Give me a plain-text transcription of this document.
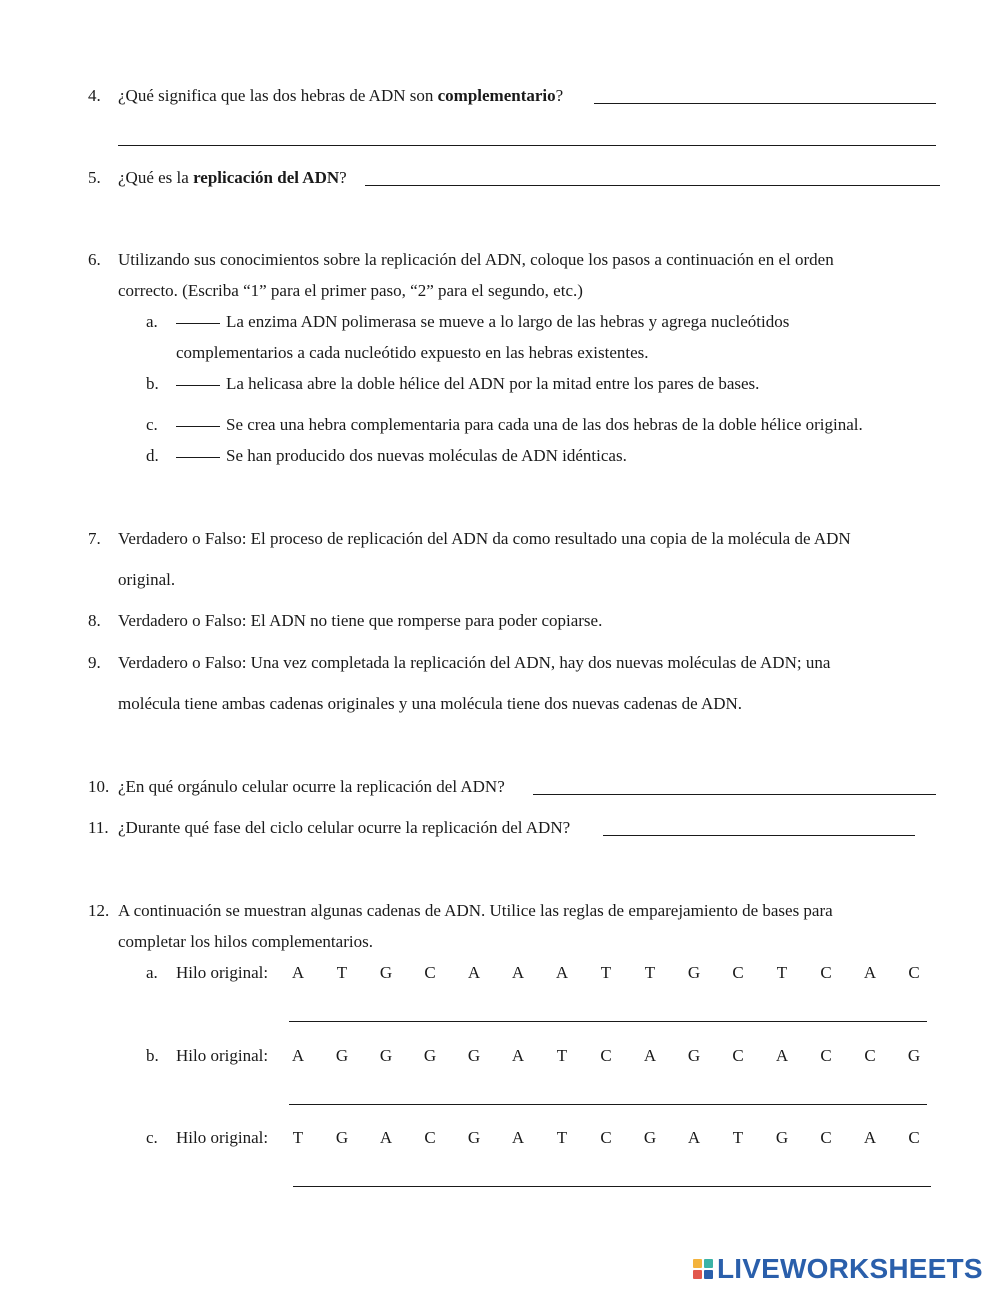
4. ¿Qué significa que las dos hebras de ADN son complementario?
5. ¿Qué es la replicación del ADN?
6. Utilizando sus conocimientos sobre la replicación del ADN, coloque los pasos a continuación en el orden
correcto. (Escriba “1” para el primer paso, “2” para el segundo, etc.)
a.	La enzima ADN polimerasa se mueve a lo largo de las hebras y agrega nucleótidos
complementarios a cada nucleótido expuesto en las hebras existentes.
b.	La helicasa abre la doble hélice del ADN por la mitad entre los pares de bases.
c.	Se crea una hebra complementaria para cada una de las dos hebras de la doble hélice original.
d.	Se han producido dos nuevas moléculas de ADN idénticas.
7. Verdadero o Falso: El proceso de replicación del ADN da como resultado una copia de la molécula de ADN
original.
8. Verdadero o Falso: El ADN no tiene que romperse para poder copiarse.
9. Verdadero o Falso: Una vez completada la replicación del ADN, hay dos nuevas moléculas de ADN; una
molécula tiene ambas cadenas originales y una molécula tiene dos nuevas cadenas de ADN.
10. ¿En qué orgánulo celular ocurre la replicación del ADN?
11. ¿Durante qué fase del ciclo celular ocurre la replicación del ADN?
12. A continuación se muestran algunas cadenas de ADN. Utilice las reglas de emparejamiento de bases para
completar los hilos complementarios.
a. Hilo original: A T G C A A A T T G C T C A C
b. Hilo original: A G G G G A T C A G C A C C G
c. Hilo original: T G A C G A T C G A T G C A C
LIVEWORKSHEETS
